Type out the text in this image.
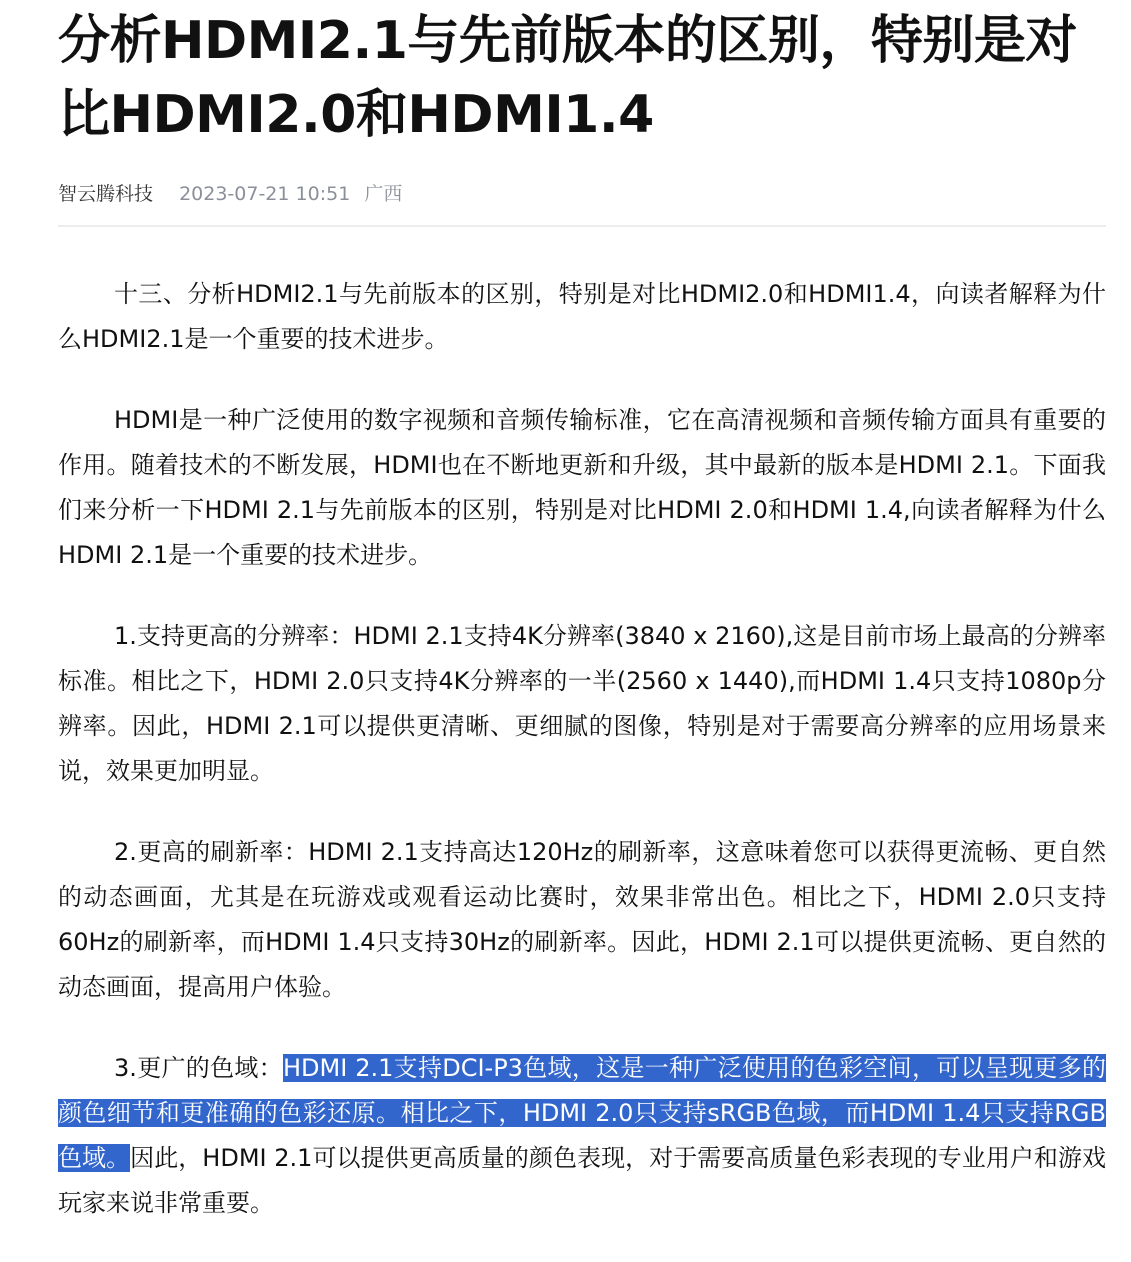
分析HDMI2.1与先前版本的区别，特别是对比HDMI2.0和HDMI1.4
智云腾科技 2023-07-21 10:51 广西

十三、分析HDMI2.1与先前版本的区别，特别是对比HDMI2.0和HDMI1.4，向读者解释为什么HDMI2.1是一个重要的技术进步。

HDMI是一种广泛使用的数字视频和音频传输标准，它在高清视频和音频传输方面具有重要的作用。随着技术的不断发展，HDMI也在不断地更新和升级，其中最新的版本是HDMI 2.1。下面我们来分析一下HDMI 2.1与先前版本的区别，特别是对比HDMI 2.0和HDMI 1.4,向读者解释为什么HDMI 2.1是一个重要的技术进步。

1.支持更高的分辨率：HDMI 2.1支持4K分辨率(3840 x 2160),这是目前市场上最高的分辨率标准。相比之下，HDMI 2.0只支持4K分辨率的一半(2560 x 1440),而HDMI 1.4只支持1080p分辨率。因此，HDMI 2.1可以提供更清晰、更细腻的图像，特别是对于需要高分辨率的应用场景来说，效果更加明显。

2.更高的刷新率：HDMI 2.1支持高达120Hz的刷新率，这意味着您可以获得更流畅、更自然的动态画面，尤其是在玩游戏或观看运动比赛时，效果非常出色。相比之下，HDMI 2.0只支持60Hz的刷新率，而HDMI 1.4只支持30Hz的刷新率。因此，HDMI 2.1可以提供更流畅、更自然的动态画面，提高用户体验。

3.更广的色域：HDMI 2.1支持DCI-P3色域，这是一种广泛使用的色彩空间，可以呈现更多的颜色细节和更准确的色彩还原。相比之下，HDMI 2.0只支持sRGB色域，而HDMI 1.4只支持RGB色域。因此，HDMI 2.1可以提供更高质量的颜色表现，对于需要高质量色彩表现的专业用户和游戏玩家来说非常重要。
